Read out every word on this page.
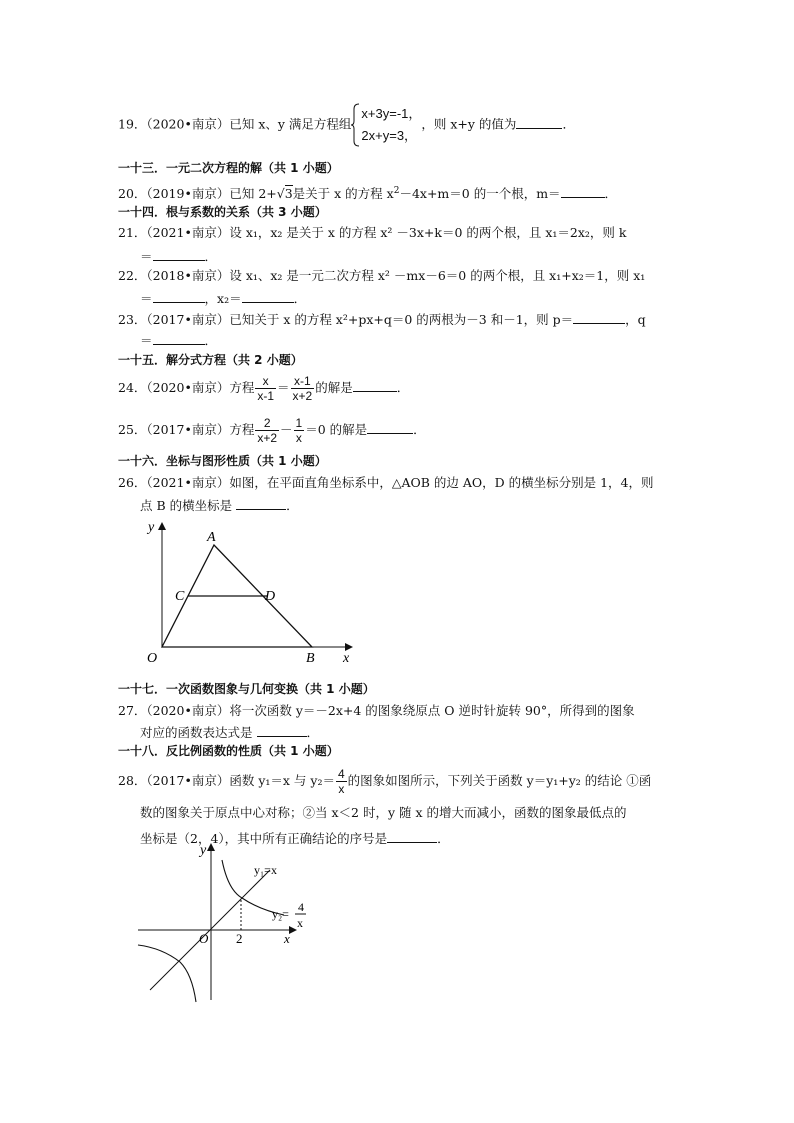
19．（2020•南京）已知 x、y 满足方程组
x+3y=-1，
2x+y=3，
，则 x+y 的值为	．
一十三．一元二次方程的解（共 1 小题）
20．（2019•南京）已知 2+√3是关于 x 的方程 $x^2-4x+m=0$ 的一个根，m＝	．
一十四．根与系数的关系（共 3 小题）
21．（2021•南京）设 x₁，x₂ 是关于 x 的方程 x² －3x+k＝0 的两个根，且 x₁＝2x₂，则 k
＝	．
22．（2018•南京）设 x₁、x₂ 是一元二次方程 x² －mx－6＝0 的两个根，且 x₁+x₂＝1，则 x₁
＝	，x₂＝	．
23．（2017•南京）已知关于 x 的方程 x²+px+q＝0 的两根为－3 和－1，则 p＝	，q
＝	．
一十五．解分式方程（共 2 小题）
24．（2020•南京）方程 $\frac{x}{x-1} = \frac{x-1}{x+2}$ 的解是	．
25．（2017•南京）方程 $\frac{2}{x+2} - \frac{1}{x} =0$ 的解是	．
一十六．坐标与图形性质（共 1 小题）
26．（2021•南京）如图，在平面直角坐标系中，△AOB 的边 AO，D 的横坐标分别是 1，4，则
点 B 的横坐标是	．
y
x
A
B
C	D
O
一十七．一次函数图象与几何变换（共 1 小题）
27．（2020•南京）将一次函数 y＝－2x+4 的图象绕原点 O 逆时针旋转 90°，所得到的图象
对应的函数表达式是	．
一十八．反比例函数的性质（共 1 小题）
28．（2017•南京）函数 y₁＝x 与 $y_2= \frac{4}{x}$ 的图象如图所示，下列关于函数 y＝y₁+y₂ 的结论 ①函
数的图象关于原点中心对称；②当 x＜2 时，y 随 x 的增大而减小，函数的图象最低点的
坐标是（2，4），其中所有正确结论的序号是	．
y
x
O 2
y₁=x
y₂= 4
x
